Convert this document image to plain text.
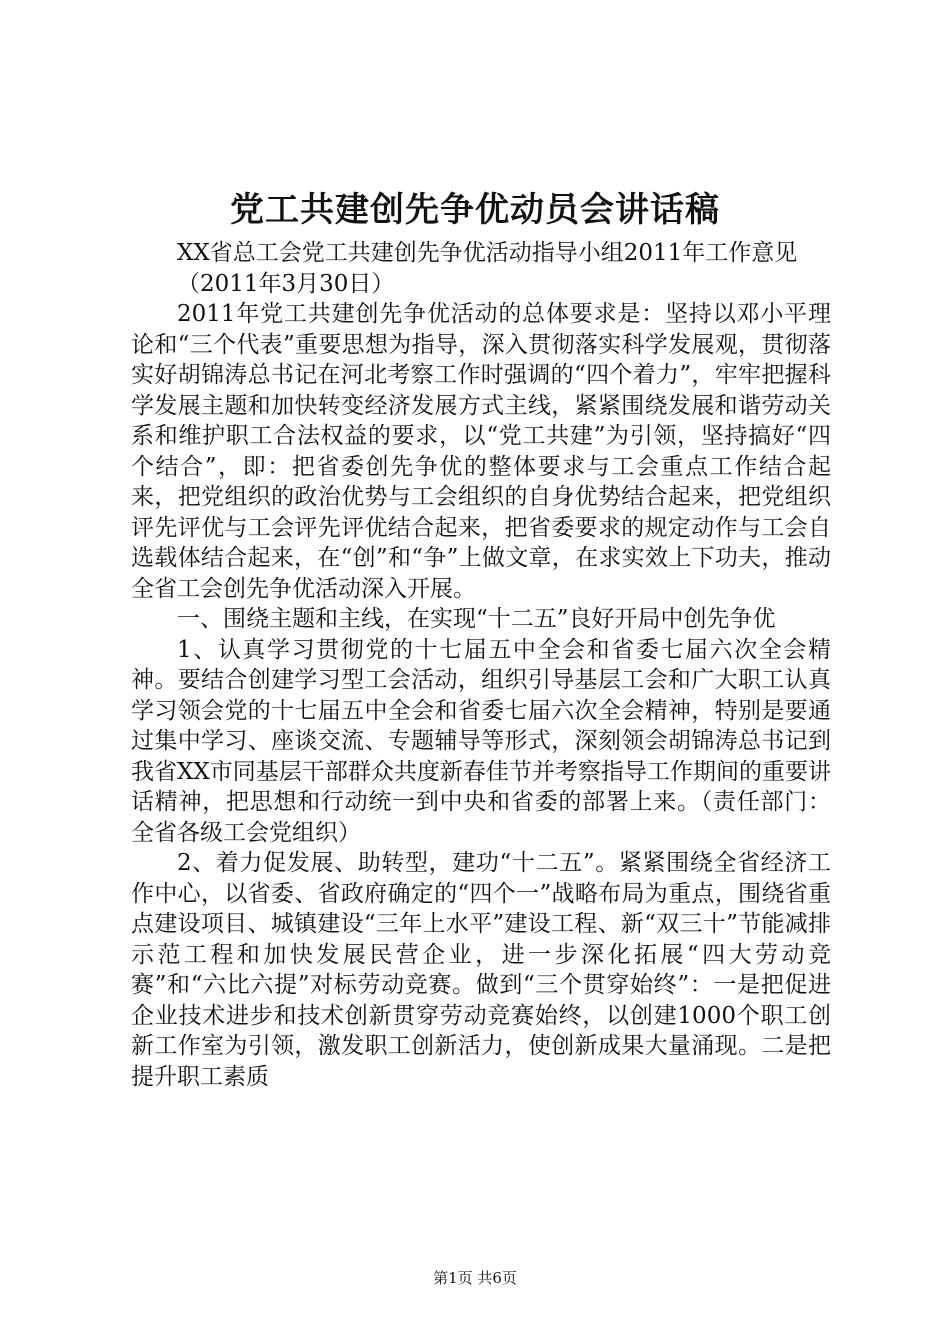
党工共建创先争优动员会讲话稿

XX省总工会党工共建创先争优活动指导小组2011年工作意见

（2011年3月30日）

2011年党工共建创先争优活动的总体要求是：坚持以邓小平理论和“三个代表”重要思想为指导，深入贯彻落实科学发展观，贯彻落实好胡锦涛总书记在河北考察工作时强调的“四个着力”，牢牢把握科学发展主题和加快转变经济发展方式主线，紧紧围绕发展和谐劳动关系和维护职工合法权益的要求，以“党工共建”为引领，坚持搞好“四个结合”，即：把省委创先争优的整体要求与工会重点工作结合起来，把党组织的政治优势与工会组织的自身优势结合起来，把党组织评先评优与工会评先评优结合起来，把省委要求的规定动作与工会自选载体结合起来，在“创”和“争”上做文章，在求实效上下功夫，推动全省工会创先争优活动深入开展。

一、围绕主题和主线，在实现“十二五”良好开局中创先争优

1、认真学习贯彻党的十七届五中全会和省委七届六次全会精神。要结合创建学习型工会活动，组织引导基层工会和广大职工认真学习领会党的十七届五中全会和省委七届六次全会精神，特别是要通过集中学习、座谈交流、专题辅导等形式，深刻领会胡锦涛总书记到我省XX市同基层干部群众共度新春佳节并考察指导工作期间的重要讲话精神，把思想和行动统一到中央和省委的部署上来。（责任部门：全省各级工会党组织）

2、着力促发展、助转型，建功“十二五”。紧紧围绕全省经济工作中心，以省委、省政府确定的“四个一”战略布局为重点，围绕省重点建设项目、城镇建设“三年上水平”建设工程、新“双三十”节能减排示范工程和加快发展民营企业，进一步深化拓展“四大劳动竞赛”和“六比六提”对标劳动竞赛。做到“三个贯穿始终”：一是把促进企业技术进步和技术创新贯穿劳动竞赛始终，以创建1000个职工创新工作室为引领，激发职工创新活力，使创新成果大量涌现。二是把提升职工素质

第1页 共6页
